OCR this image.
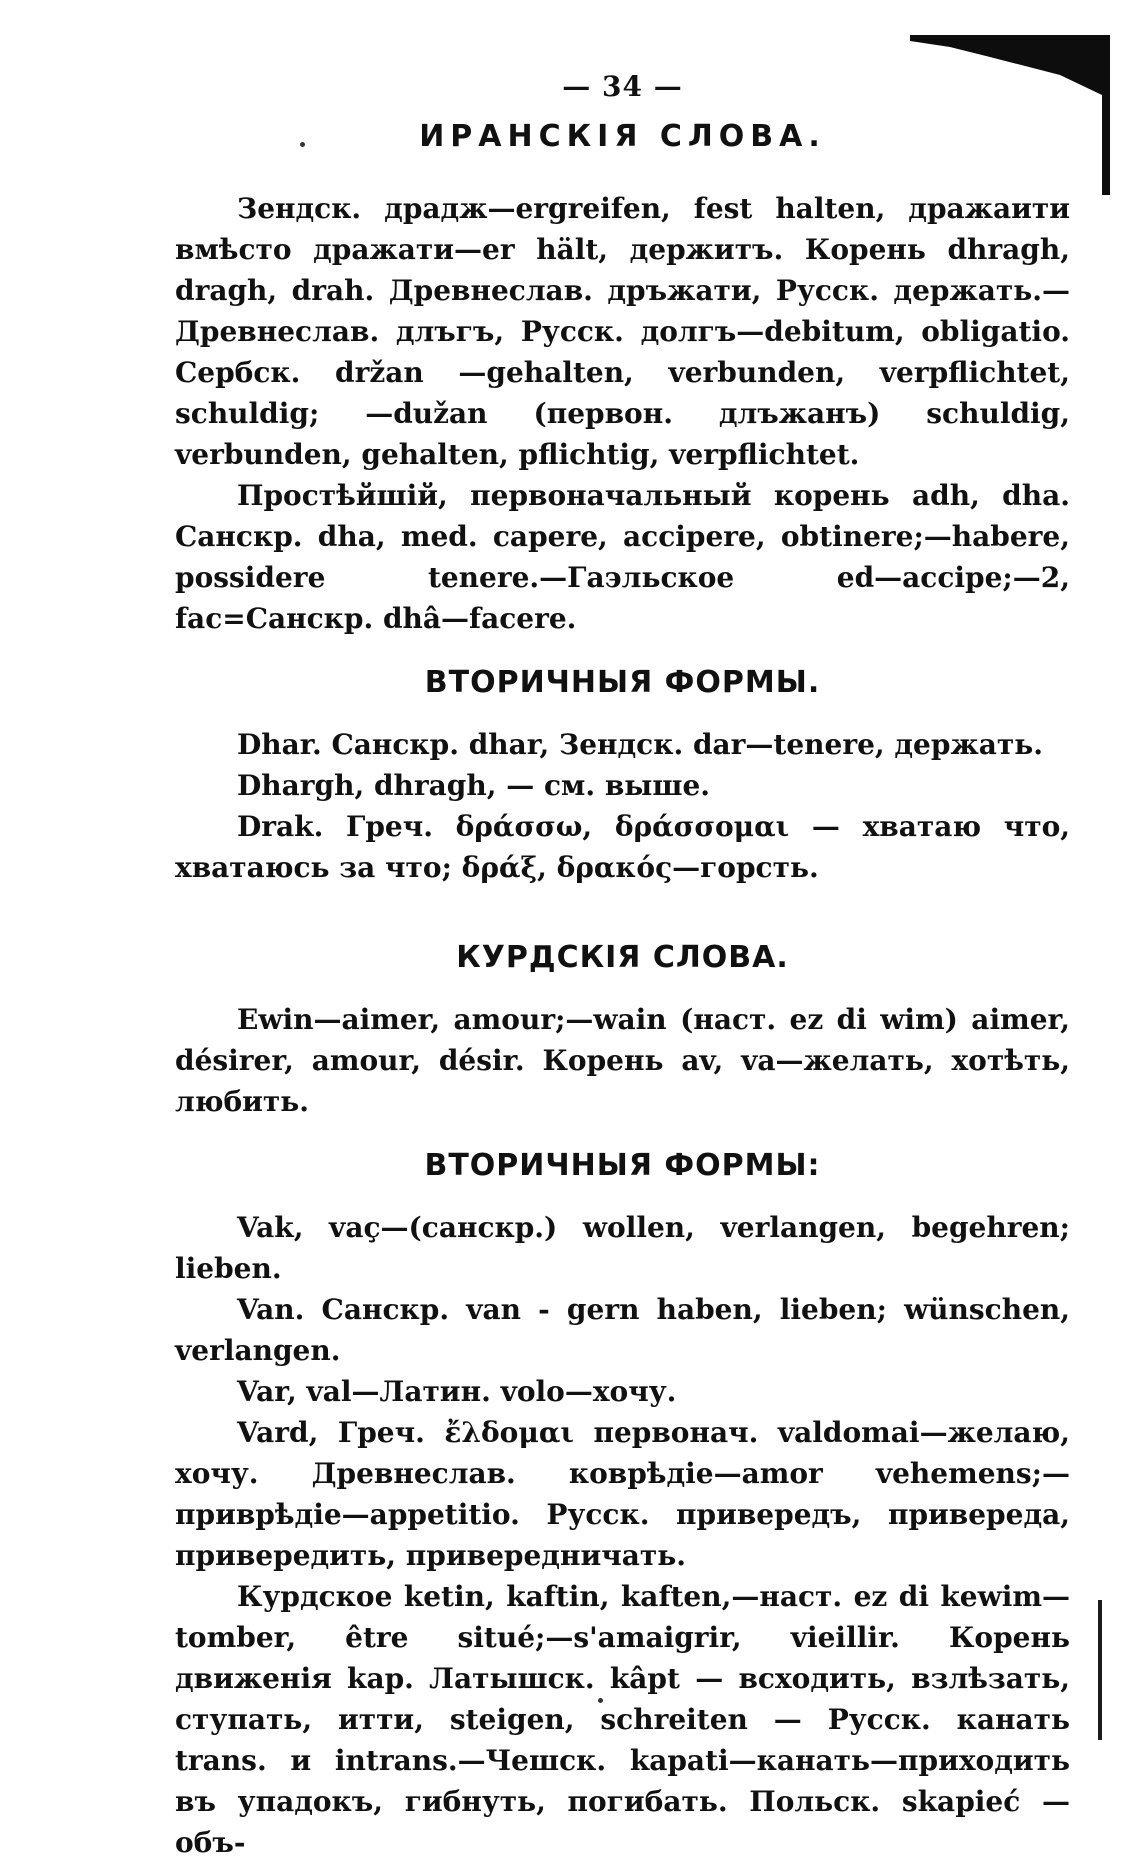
— 34 —
ИРАНСКІЯ СЛОВА.

Зендск. драдж—ergreifen, fest halten, дражаити вмѣсто дражати—er hält, держитъ. Корень dhragh, dragh, drah. Древнеслав. дръжати, Русск. держать.—Древнеслав. длъгъ, Русск. долгъ—debitum, obligatio. Сербск. držan —gehalten, verbunden, verpflichtet, schuldig; —dužan (первон. длъжанъ) schuldig, verbunden, gehalten, pflichtig, verpflichtet.

Простѣйшій, первоначальный корень adh, dha. Санскр. dha, med. capere, accipere, obtinere;—habere, possidere tenere.—Гаэльское ed—accipe;—2, fac=Санскр. dhâ—facere.

ВТОРИЧНЫЯ ФОРМЫ.

Dhar. Санскр. dhar, Зендск. dar—tenere, держать.

Dhargh, dhragh, — см. выше.

Drak. Греч. δράσσω, δράσσομαι — хватаю что, хватаюсь за что; δράξ, δρακός—горсть.

КУРДСКІЯ СЛОВА.

Ewin—aimer, amour;—wain (наст. ez di wim) aimer, désirer, amour, désir. Корень av, va—желать, хотѣть, любить.

ВТОРИЧНЫЯ ФОРМЫ:

Vak, vaç—(санскр.) wollen, verlangen, begehren; lieben.

Van. Санскр. van - gern haben, lieben; wünschen, verlangen.

Var, val—Латин. volo—хочу.

Vard, Греч. ἔλδομαι первонач. valdomai—желаю, хочу. Древнеслав. коврѣдіе—amor vehemens;—приврѣдіе—appetitio. Русск. привередъ, привереда, привередить, привередничать.

Курдское ketin, kaftin, kaften,—наст. ez di kewim—tomber, être situé;—s'amaigrir, vieillir. Корень движенія kap. Латышск. kâpt — всходить, взлѣзать, ступать, итти, steigen, schreiten — Русск. канать trans. и intrans.—Чешск. kapati—канать—приходить въ упадокъ, гибнуть, погибать. Польск. skapieć — объ-
